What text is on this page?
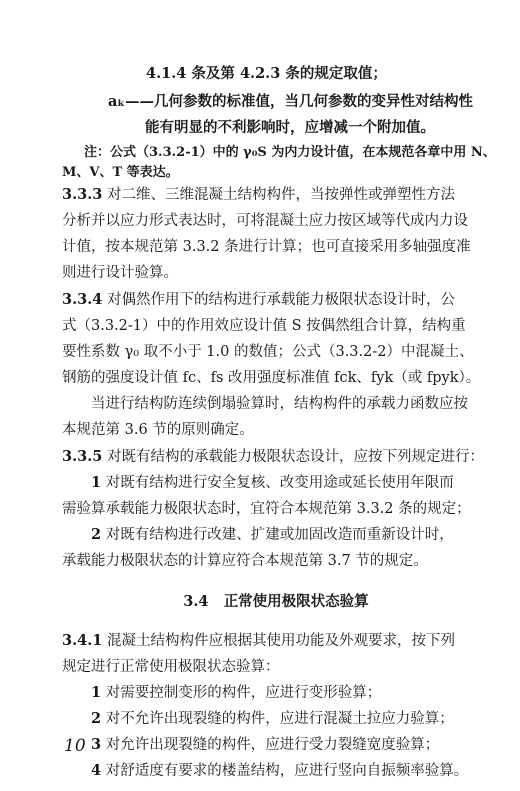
4.1.4 条及第 4.2.3 条的规定取值；
aₖ——几何参数的标准值，当几何参数的变异性对结构性
能有明显的不利影响时，应增减一个附加值。
注：公式（3.3.2-1）中的 γ₀S 为内力设计值，在本规范各章中用 N、
M、V、T 等表达。
3.3.3 对二维、三维混凝土结构构件，当按弹性或弹塑性方法
分析并以应力形式表达时，可将混凝土应力按区域等代成内力设
计值，按本规范第 3.3.2 条进行计算；也可直接采用多轴强度准
则进行设计验算。
3.3.4 对偶然作用下的结构进行承载能力极限状态设计时，公
式（3.3.2-1）中的作用效应设计值 S 按偶然组合计算，结构重
要性系数 γ₀ 取不小于 1.0 的数值；公式（3.3.2-2）中混凝土、
钢筋的强度设计值 fc、fs 改用强度标准值 fck、fyk（或 fpyk）。
当进行结构防连续倒塌验算时，结构构件的承载力函数应按
本规范第 3.6 节的原则确定。
3.3.5 对既有结构的承载能力极限状态设计，应按下列规定进行：
1 对既有结构进行安全复核、改变用途或延长使用年限而
需验算承载能力极限状态时，宜符合本规范第 3.3.2 条的规定；
2 对既有结构进行改建、扩建或加固改造而重新设计时，
承载能力极限状态的计算应符合本规范第 3.7 节的规定。
3.4 正常使用极限状态验算
3.4.1 混凝土结构构件应根据其使用功能及外观要求，按下列
规定进行正常使用极限状态验算：
1 对需要控制变形的构件，应进行变形验算；
2 对不允许出现裂缝的构件，应进行混凝土拉应力验算；
3 对允许出现裂缝的构件，应进行受力裂缝宽度验算；
4 对舒适度有要求的楼盖结构，应进行竖向自振频率验算。
10
